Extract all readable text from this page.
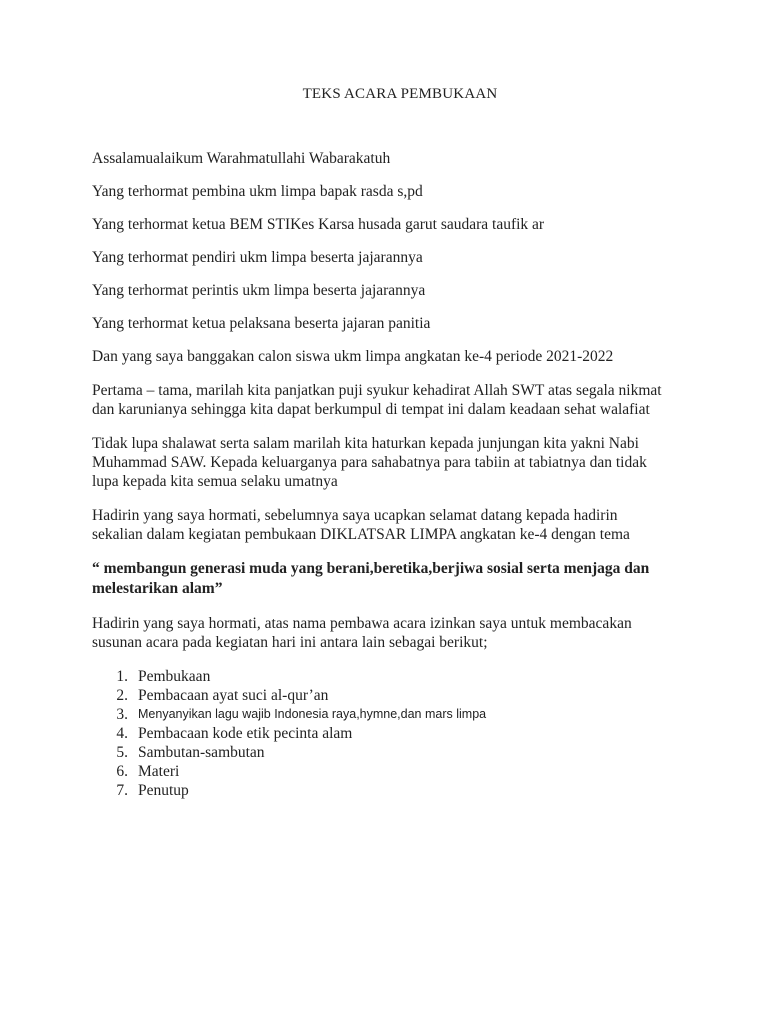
TEKS ACARA PEMBUKAAN

Assalamualaikum Warahmatullahi Wabarakatuh

Yang terhormat pembina ukm limpa bapak rasda s,pd

Yang terhormat ketua BEM STIKes Karsa husada garut saudara taufik ar

Yang terhormat pendiri ukm limpa beserta jajarannya

Yang terhormat perintis ukm limpa beserta jajarannya

Yang terhormat ketua pelaksana beserta jajaran panitia

Dan yang saya banggakan calon siswa ukm limpa angkatan ke-4 periode 2021-2022

Pertama – tama, marilah kita panjatkan puji syukur kehadirat Allah SWT atas segala nikmat dan karunianya sehingga kita dapat berkumpul di tempat ini dalam keadaan sehat walafiat

Tidak lupa shalawat serta salam marilah kita haturkan kepada junjungan kita yakni Nabi Muhammad SAW. Kepada keluarganya para sahabatnya para tabiin at tabiatnya dan tidak lupa kepada kita semua selaku umatnya

Hadirin yang saya hormati, sebelumnya saya ucapkan selamat datang kepada hadirin sekalian dalam kegiatan pembukaan DIKLATSAR LIMPA angkatan ke-4 dengan tema

“ membangun generasi muda yang berani,beretika,berjiwa sosial serta menjaga dan melestarikan alam”

Hadirin yang saya hormati, atas nama pembawa acara izinkan saya untuk membacakan susunan acara pada kegiatan hari ini antara lain sebagai berikut;

1. Pembukaan
2. Pembacaan ayat suci al-qur’an
3. Menyanyikan lagu wajib Indonesia raya,hymne,dan mars limpa
4. Pembacaan kode etik pecinta alam
5. Sambutan-sambutan
6. Materi
7. Penutup
